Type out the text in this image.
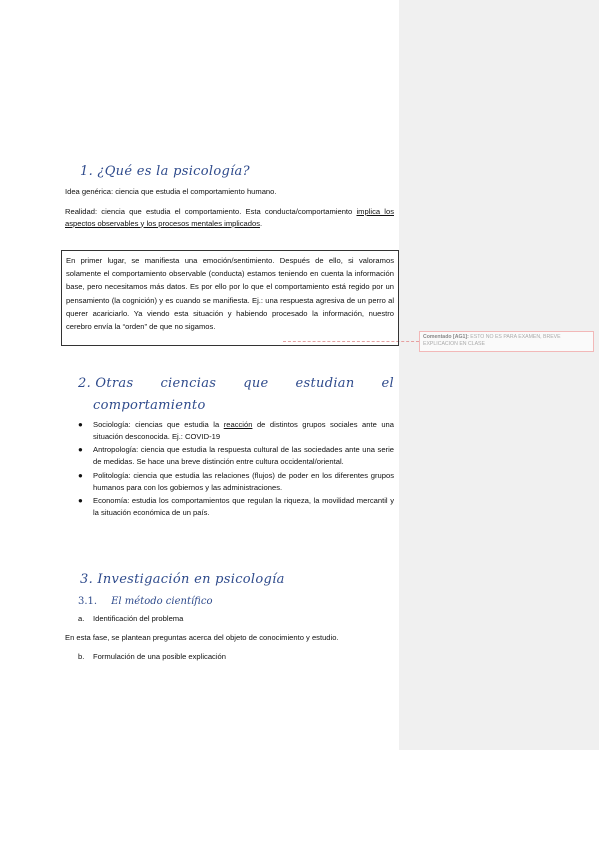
Comentado [AG1]: ESTO NO ES PARA EXAMEN, BREVE EXPLICACION EN CLASE
1. ¿Qué es la psicología?
Idea genérica: ciencia que estudia el comportamiento humano.
Realidad: ciencia que estudia el comportamiento. Esta conducta/comportamiento implica los aspectos observables y los procesos mentales implicados.
En primer lugar, se manifiesta una emoción/sentimiento. Después de ello, si valoramos solamente el comportamiento observable (conducta) estamos teniendo en cuenta la información base, pero necesitamos más datos. Es por ello por lo que el comportamiento está regido por un pensamiento (la cognición) y es cuando se manifiesta. Ej.: una respuesta agresiva de un perro al querer acariciarlo. Ya viendo esta situación y habiendo procesado la información, nuestro cerebro envía la “orden” de que no sigamos.
2. Otras ciencias que estudian el
comportamiento
●	Sociología: ciencias que estudia la reacción de distintos grupos sociales ante una situación desconocida. Ej.: COVID-19
●	Antropología: ciencia que estudia la respuesta cultural de las sociedades ante una serie de medidas. Se hace una breve distinción entre cultura occidental/oriental.
●	Politología: ciencia que estudia las relaciones (flujos) de poder en los diferentes grupos humanos para con los gobiernos y las administraciones.
●	Economía: estudia los comportamientos que regulan la riqueza, la movilidad mercantil y la situación económica de un país.
3. Investigación en psicología
3.1. El método científico
a. Identificación del problema
En esta fase, se plantean preguntas acerca del objeto de conocimiento y estudio.
b. Formulación de una posible explicación
